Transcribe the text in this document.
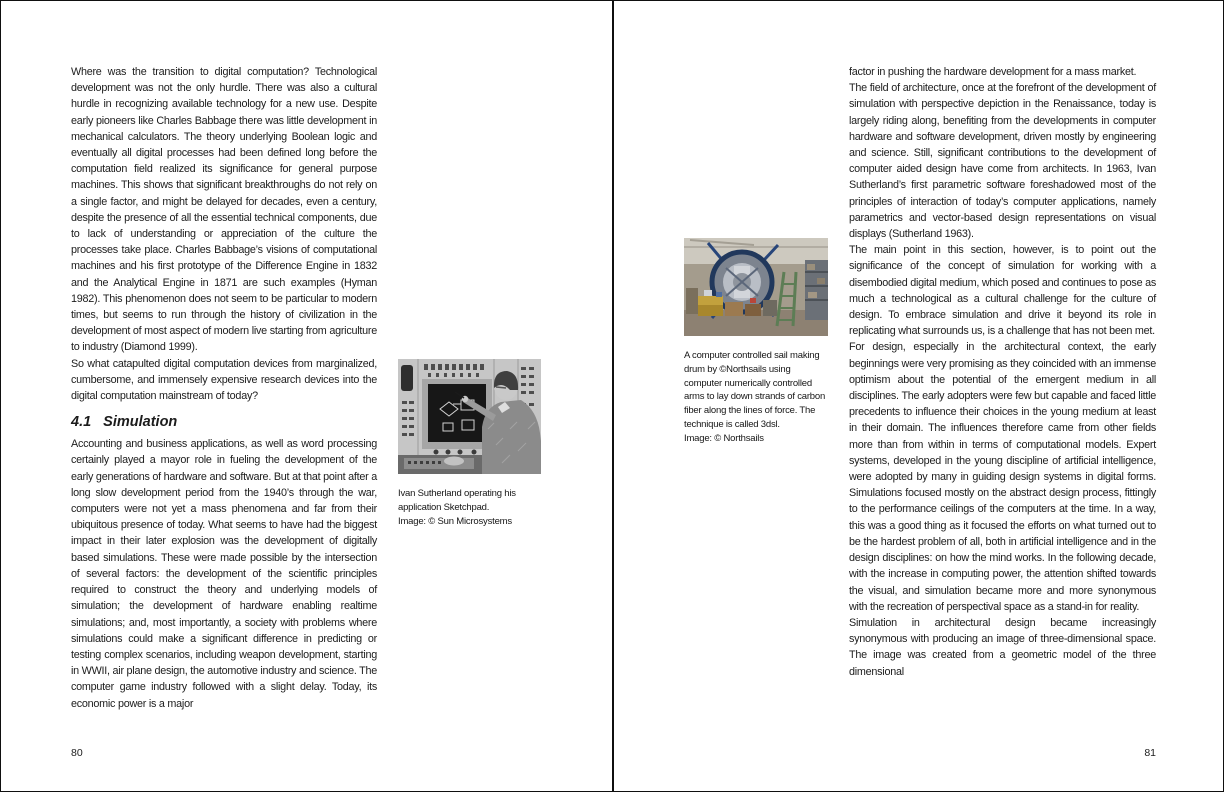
Where was the transition to digital computation? Technological development was not the only hurdle. There was also a cultural hurdle in recognizing available technology for a new use. Despite early pioneers like Charles Babbage there was little development in mechanical calculators. The theory underlying Boolean logic and eventually all digital processes had been defined long before the computation field realized its significance for general purpose machines. This shows that significant breakthroughs do not rely on a single factor, and might be delayed for decades, even a century, despite the presence of all the essential technical components, due to lack of understanding or appreciation of the culture the processes take place. Charles Babbage’s visions of computational machines and his first prototype of the Difference Engine in 1832 and the Analytical Engine in 1871 are such examples (Hyman 1982). This phenomenon does not seem to be particular to modern times, but seems to run through the history of civilization in the development of most aspect of modern live starting from agriculture to industry (Diamond 1999).

So what catapulted digital computation devices from marginalized, cumbersome, and immensely expensive research devices into the digital computation mainstream of today?

4.1 Simulation

Accounting and business applications, as well as word processing certainly played a mayor role in fueling the development of the early generations of hardware and software. But at that point after a long slow development period from the 1940’s through the war, computers were not yet a mass phenomena and far from their ubiquitous presence of today. What seems to have had the biggest impact in their later explosion was the development of digitally based simulations. These were made possible by the intersection of several factors: the development of the scientific principles required to construct the theory and underlying models of simulation; the development of hardware enabling realtime simulations; and, most importantly, a society with problems where simulations could make a significant difference in predicting or testing complex scenarios, including weapon development, starting in WWII, air plane design, the automotive industry and science. The computer game industry followed with a slight delay. Today, its economic power is a major

Ivan Sutherland operating his application Sketchpad.
Image: © Sun Microsystems
A computer controlled sail making drum by ©Northsails using computer numerically controlled arms to lay down strands of carbon fiber along the lines of force. The technique is called 3dsl.
Image: © Northsails

factor in pushing the hardware development for a mass market.

The field of architecture, once at the forefront of the development of simulation with perspective depiction in the Renaissance, today is largely riding along, benefiting from the developments in computer hardware and software development, driven mostly by engineering and science. Still, significant contributions to the development of computer aided design have come from architects. In 1963, Ivan Sutherland’s first parametric software foreshadowed most of the principles of interaction of today’s computer applications, namely parametrics and vector-based design representations on visual displays (Sutherland 1963).

The main point in this section, however, is to point out the significance of the concept of simulation for working with a disembodied digital medium, which posed and continues to pose as much a technological as a cultural challenge for the culture of design. To embrace simulation and drive it beyond its role in replicating what surrounds us, is a challenge that has not been met.

For design, especially in the architectural context, the early beginnings were very promising as they coincided with an immense optimism about the potential of the emergent medium in all disciplines. The early adopters were few but capable and faced little precedents to influence their choices in the young medium at least in their domain. The influences therefore came from other fields more than from within in terms of computational models. Expert systems, developed in the young discipline of artificial intelligence, were adopted by many in guiding design systems in digital forms. Simulations focused mostly on the abstract design process, fittingly to the performance ceilings of the computers at the time. In a way, this was a good thing as it focused the efforts on what turned out to be the hardest problem of all, both in artificial intelligence and in the design disciplines: on how the mind works. In the following decade, with the increase in computing power, the attention shifted towards the visual, and simulation became more and more synonymous with the recreation of perspectival space as a stand-in for reality.

Simulation in architectural design became increasingly synonymous with producing an image of three-dimensional space. The image was created from a geometric model of the three dimensional

80	81
